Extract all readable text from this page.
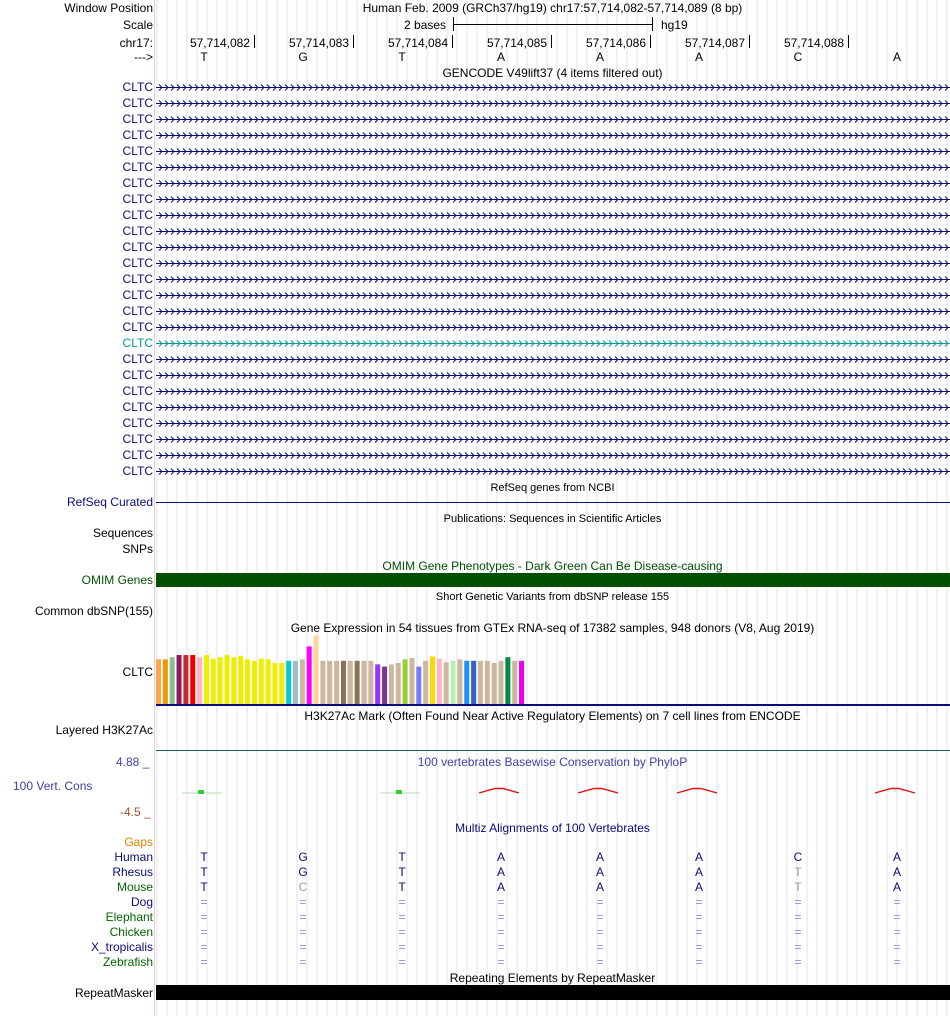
Window Position	Human Feb. 2009 (GRCh37/hg19) chr17:57,714,082-57,714,089 (8 bp)
Scale	2 bases	hg19
chr17:	57,714,082	57,714,083	57,714,084	57,714,085	57,714,086	57,714,087	57,714,088
--->	T	G	T	A	A	A	C	A
GENCODE V49lift37 (4 items filtered out)
CLTC
CLTC
CLTC
CLTC
CLTC
CLTC
CLTC
CLTC
CLTC
CLTC
CLTC
CLTC
CLTC
CLTC
CLTC
CLTC
CLTC
CLTC
CLTC
CLTC
CLTC
CLTC
CLTC
CLTC
CLTC
RefSeq genes from NCBI
RefSeq Curated
Publications: Sequences in Scientific Articles
Sequences
SNPs
OMIM Gene Phenotypes - Dark Green Can Be Disease-causing
OMIM Genes
Short Genetic Variants from dbSNP release 155
Common dbSNP(155)
Gene Expression in 54 tissues from GTEx RNA-seq of 17382 samples, 948 donors (V8, Aug 2019)
CLTC
H3K27Ac Mark (Often Found Near Active Regulatory Elements) on 7 cell lines from ENCODE
Layered H3K27Ac
100 vertebrates Basewise Conservation by PhyloP
4.88 _
100 Vert. Cons
-4.5 _
Multiz Alignments of 100 Vertebrates
Gaps
Human	T	G	T	A	A	A	C	A
Rhesus	T	G	T	A	A	A	T	A
Mouse	T	C	T	A	A	A	T	A
Dog	=	=	=	=	=	=	=	=
Elephant	=	=	=	=	=	=	=	=
Chicken	=	=	=	=	=	=	=	=
X_tropicalis	=	=	=	=	=	=	=	=
Zebrafish	=	=	=	=	=	=	=	=
Repeating Elements by RepeatMasker
RepeatMasker
